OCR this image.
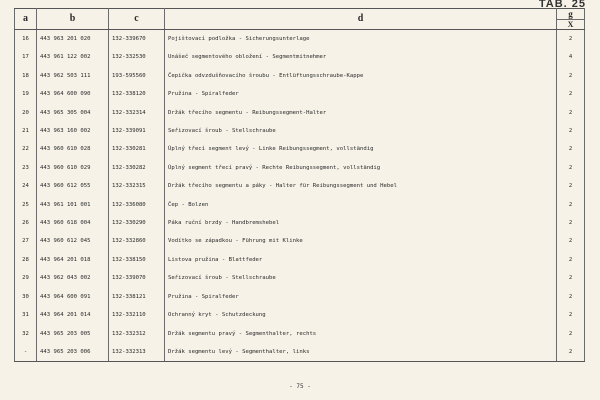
TAB. 25
a	b	c	d	g
X

16	443 963 201 020	132-339670	Pojištovací podložka - Sicherungsunterlage	2
17	443 961 122 002	132-332530	Unášeč segmentového obložení - Segmentmitnehmer	4
18	443 962 503 111	193-595560	Čepička odvzdušňovacího šroubu - Entlüftungsschraube-Kappe	2
19	443 964 600 090	132-338120	Pružina - Spiralfeder	2
20	443 965 305 004	132-332314	Držák třecího segmentu - Reibungssegment-Halter	2
21	443 963 160 002	132-339091	Seřizovací šroub - Stellschraube	2
22	443 960 610 028	132-330281	Úplný třecí segment levý - Linke Reibungssegment, vollständig	2
23	443 960 610 029	132-330282	Úplný segment třecí pravý - Rechte Reibungssegment, vollständig	2
24	443 960 612 055	132-332315	Držák třecího segmentu a páky - Halter für Reibungssegment und Hebel	2
25	443 961 101 001	132-336080	Čep - Bolzen	2
26	443 960 618 004	132-330290	Páka ruční brzdy - Handbremshebel	2
27	443 960 612 045	132-332860	Vodítko se západkou - Führung mit Klinke	2
28	443 964 201 018	132-338150	Listova pružina - Blattfeder	2
29	443 962 043 002	132-339070	Seřizovací šroub - Stellschraube	2
30	443 964 600 091	132-338121	Pružina - Spiralfeder	2
31	443 964 201 014	132-332110	Ochranný kryt - Schutzdeckung	2
32	443 965 203 005	132-332312	Držák segmentu pravý - Segmenthalter, rechts	2
-	443 965 203 006	132-332313	Držák segmentu levý - Segmenthalter, links	2
- 75 -
